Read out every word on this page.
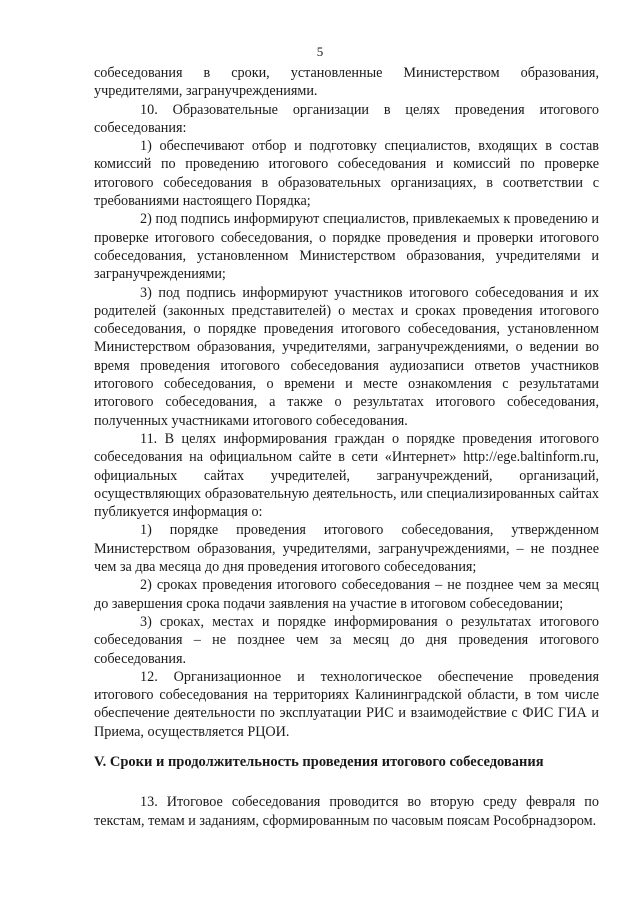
5

собеседования в сроки, установленные Министерством образования, учредителями, загранучреждениями.

10. Образовательные организации в целях проведения итогового собеседования:

1) обеспечивают отбор и подготовку специалистов, входящих в состав комиссий по проведению итогового собеседования и комиссий по проверке итогового собеседования в образовательных организациях, в соответствии с требованиями настоящего Порядка;

2) под подпись информируют специалистов, привлекаемых к проведению и проверке итогового собеседования, о порядке проведения и проверки итогового собеседования, установленном Министерством образования, учредителями и загранучреждениями;

3) под подпись информируют участников итогового собеседования и их родителей (законных представителей) о местах и сроках проведения итогового собеседования, о порядке проведения итогового собеседования, установленном Министерством образования, учредителями, загранучреждениями, о ведении во время проведения итогового собеседования аудиозаписи ответов участников итогового собеседования, о времени и месте ознакомления с результатами итогового собеседования, а также о результатах итогового собеседования, полученных участниками итогового собеседования.

11. В целях информирования граждан о порядке проведения итогового собеседования на официальном сайте в сети «Интернет» http://ege.baltinform.ru, официальных сайтах учредителей, загранучреждений, организаций, осуществляющих образовательную деятельность, или специализированных сайтах публикуется информация о:

1) порядке проведения итогового собеседования, утвержденном Министерством образования, учредителями, загранучреждениями, – не позднее чем за два месяца до дня проведения итогового собеседования;

2) сроках проведения итогового собеседования – не позднее чем за месяц до завершения срока подачи заявления на участие в итоговом собеседовании;

3) сроках, местах и порядке информирования о результатах итогового собеседования – не позднее чем за месяц до дня проведения итогового собеседования.

12. Организационное и технологическое обеспечение проведения итогового собеседования на территориях Калининградской области, в том числе обеспечение деятельности по эксплуатации РИС и взаимодействие с ФИС ГИА и Приема, осуществляется РЦОИ.

V. Сроки и продолжительность проведения итогового собеседования

13. Итоговое собеседования проводится во вторую среду февраля по текстам, темам и заданиям, сформированным по часовым поясам Рособрнадзором.
